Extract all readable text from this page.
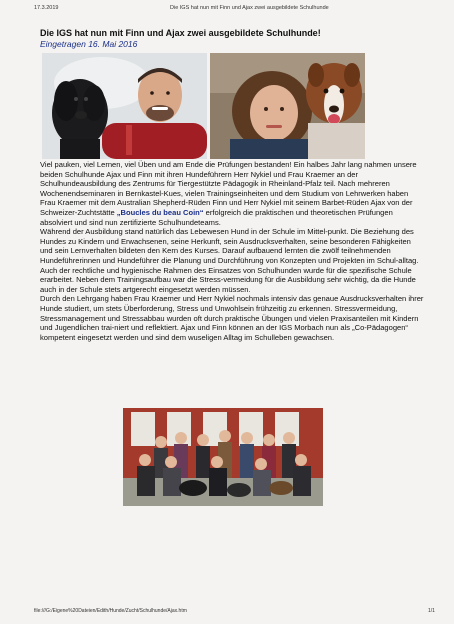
17.3.2019	Die IGS hat nun mit Finn und Ajax zwei ausgebildete Schulhunde

Die IGS hat nun mit Finn und Ajax zwei ausgebildete Schulhunde!

Eingetragen 16. Mai 2016

Viel pauken, viel Lernen, viel Üben und am Ende die Prüfungen bestanden! Ein halbes Jahr lang nahmen unsere beiden Schulhunde Ajax und Finn mit ihren Hundeführern Herr Nykiel und Frau Kraemer an der Schulhundeausbildung des Zentrums für Tiergestützte Pädagogik in Rheinland-Pfalz teil. Nach mehreren Wochenendseminaren in Bernkastel-Kues, vielen Trainingseinheiten und dem Studium von Lehrwerken haben Frau Kraemer mit dem Australian Shepherd-Rüden Finn und Herr Nykiel mit seinem Barbet-Rüden Ajax von der Schweizer-Zuchtstätte „Boucles du beau Coin“ erfolgreich die praktischen und theoretischen Prüfungen absolviert und sind nun zertifizierte Schulhundeteams.

Während der Ausbildung stand natürlich das Lebewesen Hund in der Schule im Mittel-punkt. Die Beziehung des Hundes zu Kindern und Erwachsenen, seine Herkunft, sein Ausdrucksverhalten, seine besonderen Fähigkeiten und sein Lernverhalten bildeten den Kern des Kurses. Darauf aufbauend lernten die zwölf teilnehmenden Hundeführerinnen und Hundeführer die Planung und Durchführung von Konzepten und Projekten im Schul-alltag. Auch der rechtliche und hygienische Rahmen des Einsatzes von Schulhunden wurde für die spezifische Schule erarbeitet. Neben dem Trainingsaufbau war die Stress-vermeidung für die Ausbildung sehr wichtig, da die Hunde auch in der Schule stets artgerecht eingesetzt werden müssen.

Durch den Lehrgang haben Frau Kraemer und Herr Nykiel nochmals intensiv das genaue Ausdrucksverhalten ihrer Hunde studiert, um stets Überforderung, Stress und Unwohlsein frühzeitig zu erkennen. Stressvermeidung, Stressmanagement und Stressabbau wurden oft durch praktische Übungen und vielen Praxisanteilen mit Kindern und Jugendlichen trai-niert und reflektiert. Ajax und Finn können an der IGS Morbach nun als „Co-Pädagogen“ kompetent eingesetzt werden und sind dem wuseligen Alltag im Schulleben gewachsen.

file:///G:/Eigene%20Dateien/Edith/Hunde/Zucht/Schulhunde/Ajax.htm	1/1
